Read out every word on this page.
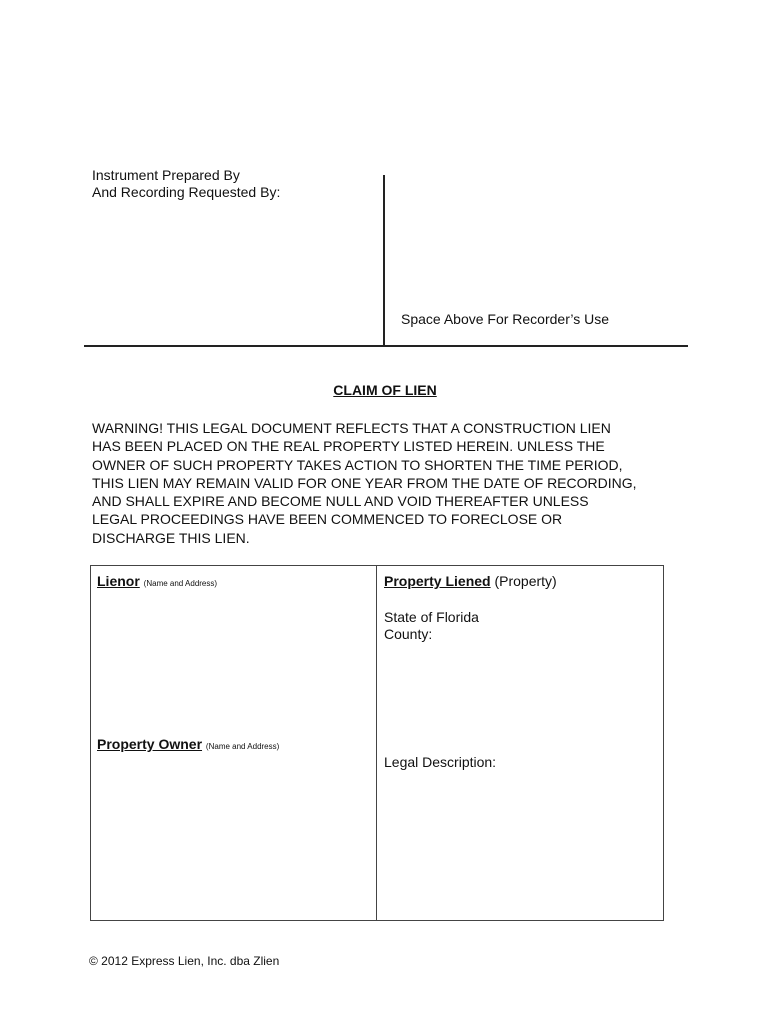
Instrument Prepared By
And Recording Requested By:
Space Above For Recorder’s Use
CLAIM OF LIEN
WARNING! THIS LEGAL DOCUMENT REFLECTS THAT A CONSTRUCTION LIEN
HAS BEEN PLACED ON THE REAL PROPERTY LISTED HEREIN. UNLESS THE
OWNER OF SUCH PROPERTY TAKES ACTION TO SHORTEN THE TIME PERIOD,
THIS LIEN MAY REMAIN VALID FOR ONE YEAR FROM THE DATE OF RECORDING,
AND SHALL EXPIRE AND BECOME NULL AND VOID THEREAFTER UNLESS
LEGAL PROCEEDINGS HAVE BEEN COMMENCED TO FORECLOSE OR
DISCHARGE THIS LIEN.
Lienor (Name and Address)
Property Owner (Name and Address)
Property Liened (Property)
State of Florida
County:
Legal Description:
© 2012 Express Lien, Inc. dba Zlien
